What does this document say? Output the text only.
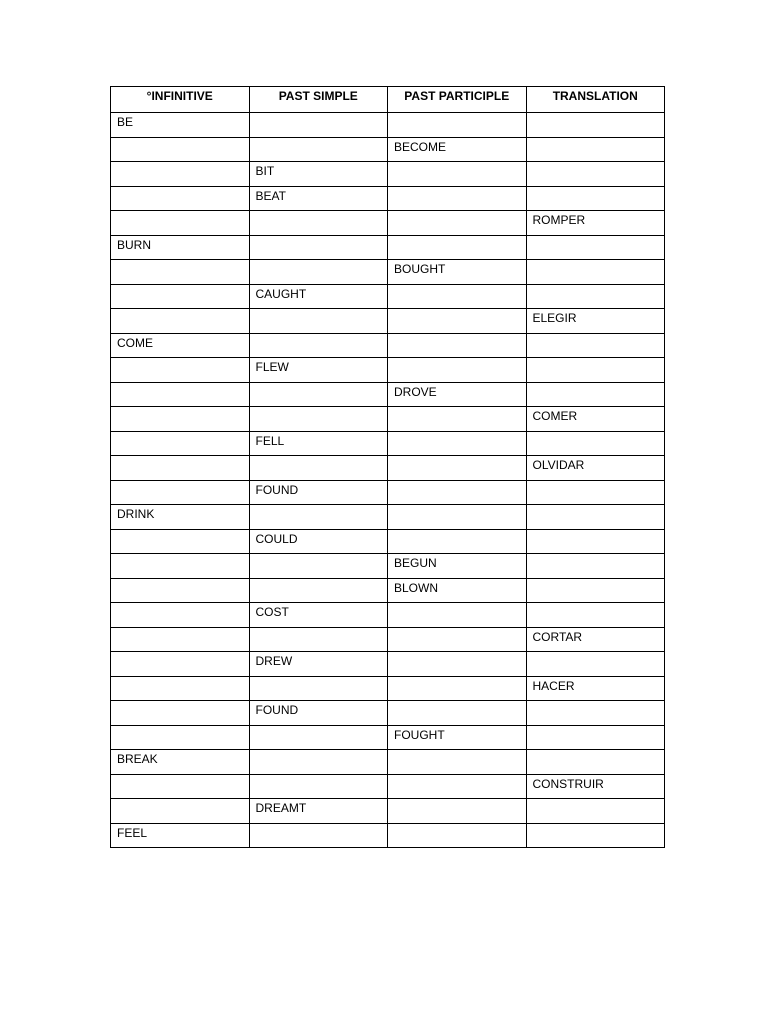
°INFINITIVE	PAST SIMPLE	PAST PARTICIPLE	TRANSLATION
BE			
		BECOME	
	BIT		
	BEAT		
			ROMPER
BURN			
		BOUGHT	
	CAUGHT		
			ELEGIR
COME			
	FLEW		
		DROVE	
			COMER
	FELL		
			OLVIDAR
	FOUND		
DRINK			
	COULD		
		BEGUN	
		BLOWN	
	COST		
			CORTAR
	DREW		
			HACER
	FOUND		
		FOUGHT	
BREAK			
			CONSTRUIR
	DREAMT		
FEEL			
